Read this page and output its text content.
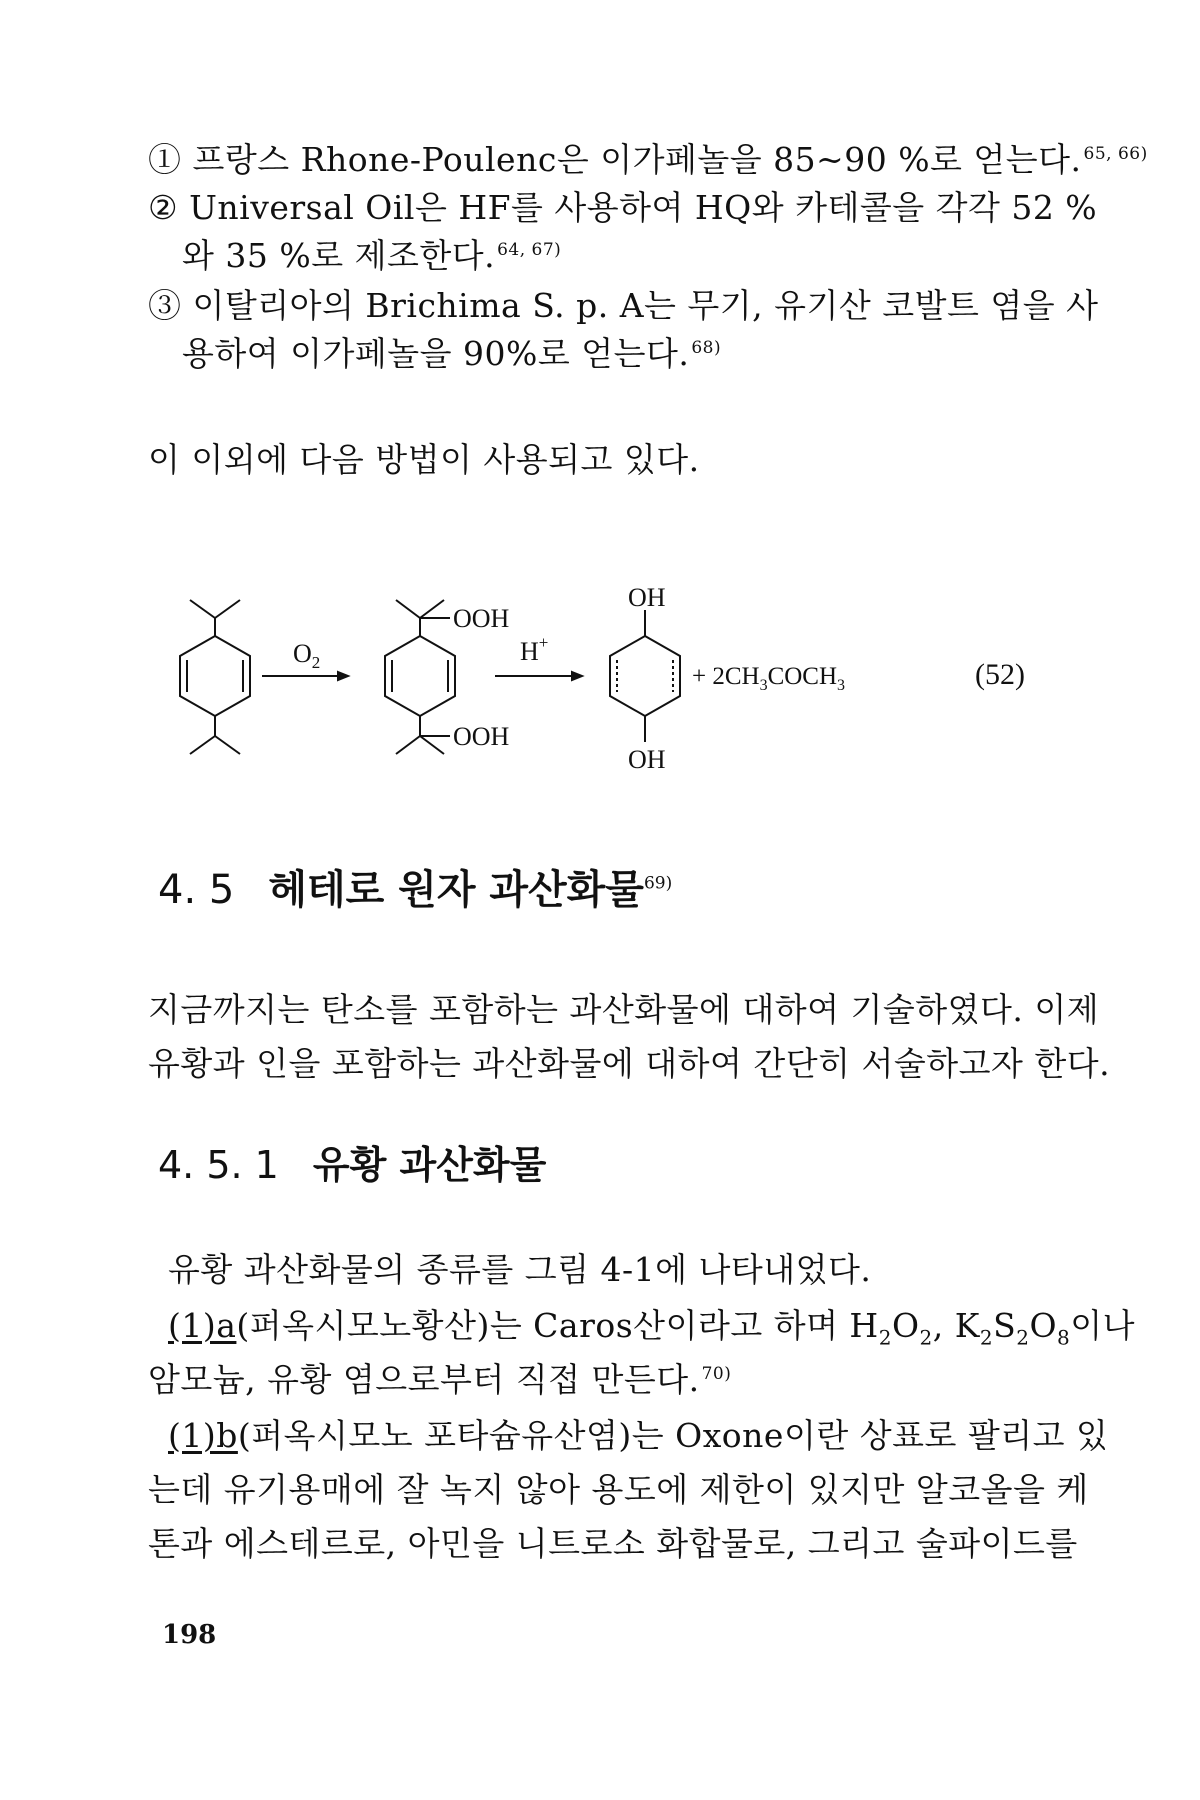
① 프랑스 Rhone-Poulenc은 이가페놀을 85~90 %로 얻는다. $^{65, 66)}$
② Universal Oil은 HF를 사용하여 HQ와 카테콜을 각각 52 %
와 35 %로 제조한다. $^{64, 67)}$
③ 이탈리아의 Brichima S. p. A는 무기, 유기산 코발트 염을 사
용하여 이가페놀을 90%로 얻는다. $^{68)}$
이 이외에 다음 방법이 사용되고 있다.
$O_2$	H+
OOH
OOH
OH
OH
+ $2CH_3COCH_3$	(52)
4. 5 헤테로 원자 과산화물$^{69)}$
지금까지는 탄소를 포함하는 과산화물에 대하여 기술하였다. 이제
유황과 인을 포함하는 과산화물에 대하여 간단히 서술하고자 한다.
4. 5. 1 유황 과산화물
유황 과산화물의 종류를 그림 4-1에 나타내었다.
(1)a(퍼옥시모노황산)는 Caros산이라고 하며 $H_2O_2$, $K_2S_2O_8$이나
암모늄, 유황 염으로부터 직접 만든다. $^{70)}$
(1)b(퍼옥시모노 포타슘유산염)는 Oxone이란 상표로 팔리고 있
는데 유기용매에 잘 녹지 않아 용도에 제한이 있지만 알코올을 케
톤과 에스테르로, 아민을 니트로소 화합물로, 그리고 술파이드를
198
